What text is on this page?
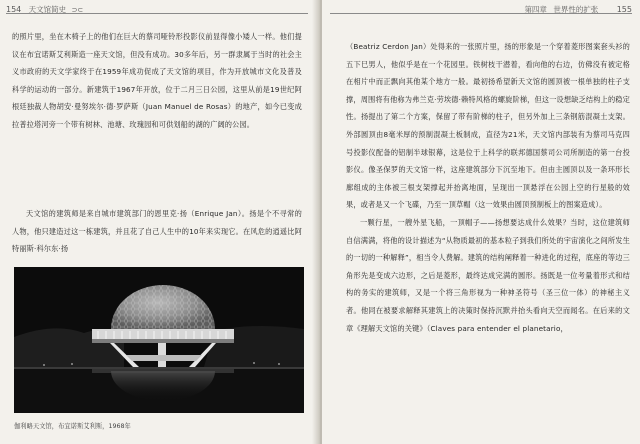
154 天文馆简史 ⊃⊂

的照片里，坐在木椅子上的他们在巨大的蔡司哑铃形投影仪前显得像小矮人一样。他们提议在布宜诺斯艾利斯造一座天文馆，但没有成功。30多年后，另一群隶属于当时的社会主义市政府的天文学家终于在1959年成功促成了天文馆的项目，作为开放城市文化及普及科学的运动的一部分。新建筑于1967年开放，位于二月三日公园，这里从前是19世纪阿根廷独裁人物胡安·曼努埃尔·德·罗萨斯（Juan Manuel de Rosas）的地产，如今已变成拉普拉塔河旁一个带有树林、池塘、玫瑰园和可供划船的湖的广阔的公园。

天文馆的建筑师是来自城市建筑部门的恩里克·扬（Enrique Jan）。扬是个不寻常的人物，他只建造过这一栋建筑，并且花了自己人生中的10年来实现它。在风危的逍遥比阿特丽斯·科尔东·扬

伽利略天文馆，布宜诺斯艾利斯，1968年
第四章 世界性的扩张 155

（Beatriz Cerdon Jan）处得来的一张照片里，扬的形象是一个穿着菱形图案套头衫的五下巳男人，他似乎是在一个花园里。铁树枝干潜着，看向他的右边，仿佛没有被定格在相片中而正飘向其他某个地方一般。最初扬希望新天文馆的圆顶被一根单独的柱子支撑，周围将有他称为弗兰克·劳埃德·赖特风格的螺旋阶梯，但这一设想缺乏结构上的稳定性。扬提出了第二个方案，保留了带有阶梯的柱子，但另外加上三条钢筋混凝土支架。外部圆顶由8毫米厚的预制混凝土板制成，直径为21米，天文馆内部装有为蔡司马克四号投影仪配备的铝制半球银幕，这是位于上科学的联邦德国蔡司公司所制造的第一台投影仪。像圣保罗的天文馆一样，这座建筑部分下沉至地下。但由主圆顶以及一条环形长廊组成的主体被三根支架撑起并抬离地面，呈现出一顶悬浮在公园上空的行星般的效果，或者是又一个飞碟，乃至一顶草帽（这一效果由圆顶预制板上的图案造成）。

一颗行星，一艘外星飞船，一顶帽子——扬想要达成什么效果？当时，这位建筑师自信满满，将他的设计描述为“从物质最初的基本粒子到我们所处的宇宙演化之间所发生的一切的一种解释”，相当令人费解。建筑的结构阐释着一种进化的过程，底座的等边三角形先是变成六边形，之后是菱形，最终达成完满的圆形。扬既是一位考量着形式和结构的务实的建筑师，又是一个将三角形视为一种神圣符号（圣三位一体）的神秘主义者。他同在被要求解释其建筑上的决策时保持沉默并抬头看向天空而闻名。在后来的文章《理解天文馆的关键》（Claves para entender el planetario，
